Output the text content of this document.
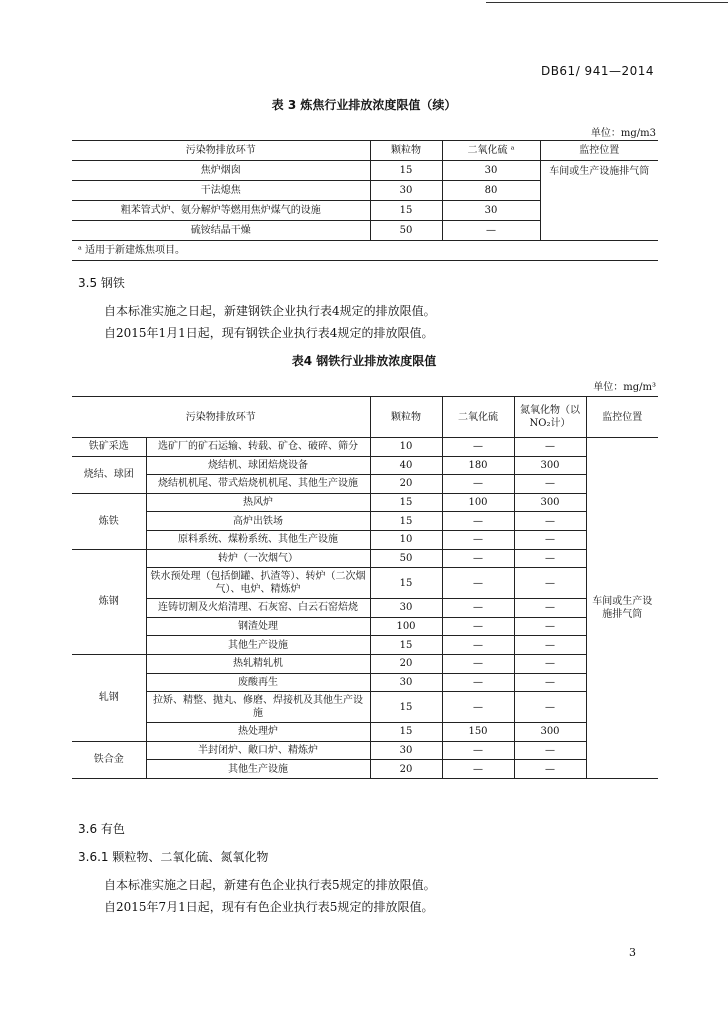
DB61/ 941—2014
表 3 炼焦行业排放浓度限值（续）
单位：mg/m3
污染物排放环节	颗粒物	二氧化硫 ᵃ	监控位置
焦炉烟囱	15	30	车间或生产设施排气筒
干法熄焦	30	80	
粗苯管式炉、氨分解炉等燃用焦炉煤气的设施	15	30	
硫铵结晶干燥	50	—	
ᵃ 适用于新建炼焦项目。			
3.5 钢铁
自本标准实施之日起，新建钢铁企业执行表4规定的排放限值。
自2015年1月1日起，现有钢铁企业执行表4规定的排放限值。
表4 钢铁行业排放浓度限值
单位：mg/m³
污染物排放环节		颗粒物	二氧化硫	氮氧化物（以NO₂计）	监控位置
铁矿采选	选矿厂的矿石运输、转载、矿仓、破碎、筛分	10	—	—	车间或生产设施排气筒
烧结、球团	烧结机、球团焙烧设备	40	180	300	
	烧结机机尾、带式焙烧机机尾、其他生产设施	20	—	—	
炼铁	热风炉	15	100	300	
	高炉出铁场	15	—	—	
	原料系统、煤粉系统、其他生产设施	10	—	—	
炼钢	转炉（一次烟气）	50	—	—	
	铁水预处理（包括倒罐、扒渣等）、转炉（二次烟气）、电炉、精炼炉	15	—	—	
	连铸切割及火焰清理、石灰窑、白云石窑焙烧	30	—	—	
	钢渣处理	100	—	—	
	其他生产设施	15	—	—	
轧钢	热轧精轧机	20	—	—	
	废酸再生	30	—	—	
	拉矫、精整、抛丸、修磨、焊接机及其他生产设施	15	—	—	
	热处理炉	15	150	300	
铁合金	半封闭炉、敞口炉、精炼炉	30	—	—	
	其他生产设施	20	—	—	
3.6 有色
3.6.1 颗粒物、二氧化硫、氮氧化物
自本标准实施之日起，新建有色企业执行表5规定的排放限值。
自2015年7月1日起，现有有色企业执行表5规定的排放限值。
3
